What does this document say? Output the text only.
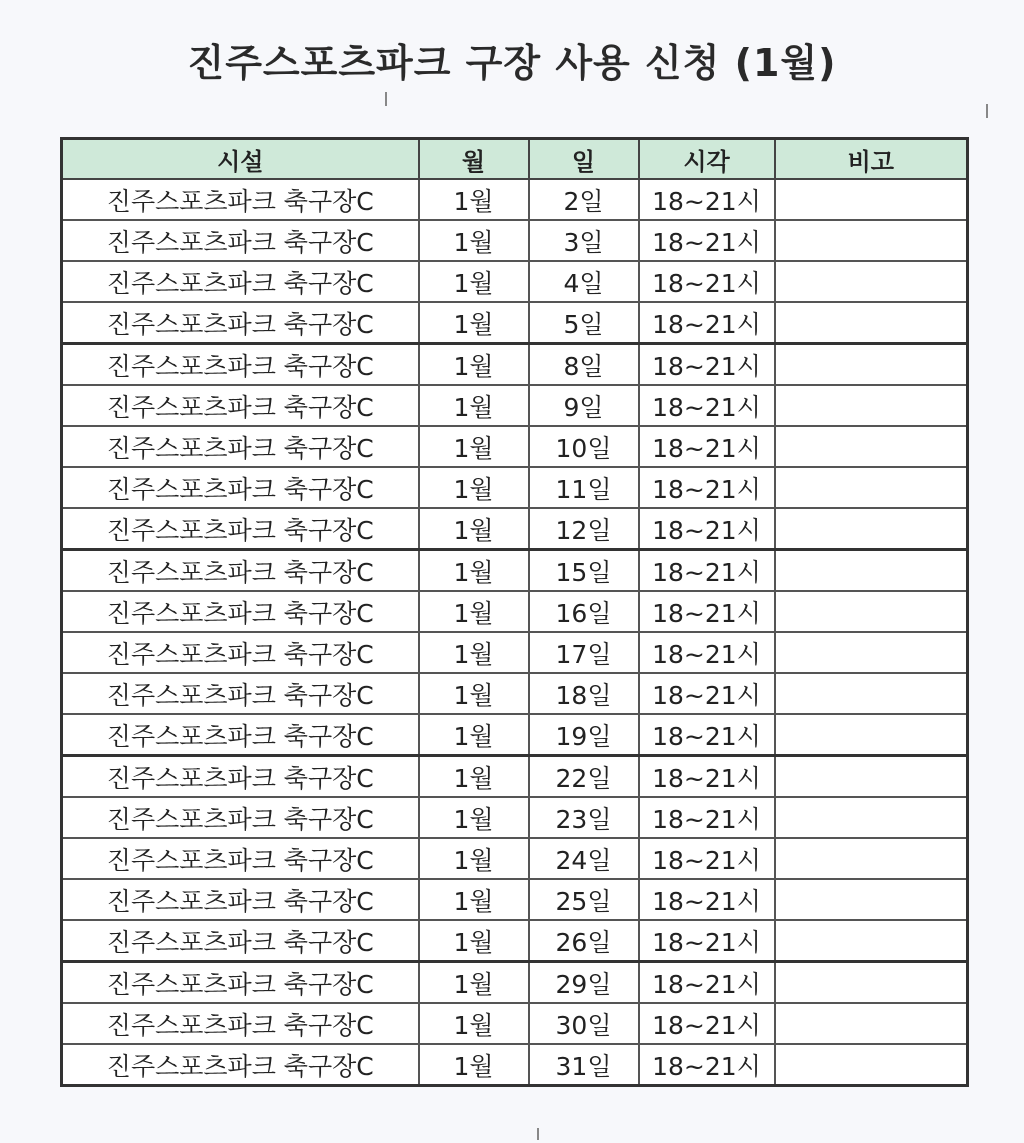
진주스포츠파크 구장 사용 신청 (1월)
시설	월	일	시각	비고
진주스포츠파크 축구장C	1월	2일	18~21시	
진주스포츠파크 축구장C	1월	3일	18~21시	
진주스포츠파크 축구장C	1월	4일	18~21시	
진주스포츠파크 축구장C	1월	5일	18~21시	
진주스포츠파크 축구장C	1월	8일	18~21시	
진주스포츠파크 축구장C	1월	9일	18~21시	
진주스포츠파크 축구장C	1월	10일	18~21시	
진주스포츠파크 축구장C	1월	11일	18~21시	
진주스포츠파크 축구장C	1월	12일	18~21시	
진주스포츠파크 축구장C	1월	15일	18~21시	
진주스포츠파크 축구장C	1월	16일	18~21시	
진주스포츠파크 축구장C	1월	17일	18~21시	
진주스포츠파크 축구장C	1월	18일	18~21시	
진주스포츠파크 축구장C	1월	19일	18~21시	
진주스포츠파크 축구장C	1월	22일	18~21시	
진주스포츠파크 축구장C	1월	23일	18~21시	
진주스포츠파크 축구장C	1월	24일	18~21시	
진주스포츠파크 축구장C	1월	25일	18~21시	
진주스포츠파크 축구장C	1월	26일	18~21시	
진주스포츠파크 축구장C	1월	29일	18~21시	
진주스포츠파크 축구장C	1월	30일	18~21시	
진주스포츠파크 축구장C	1월	31일	18~21시	
